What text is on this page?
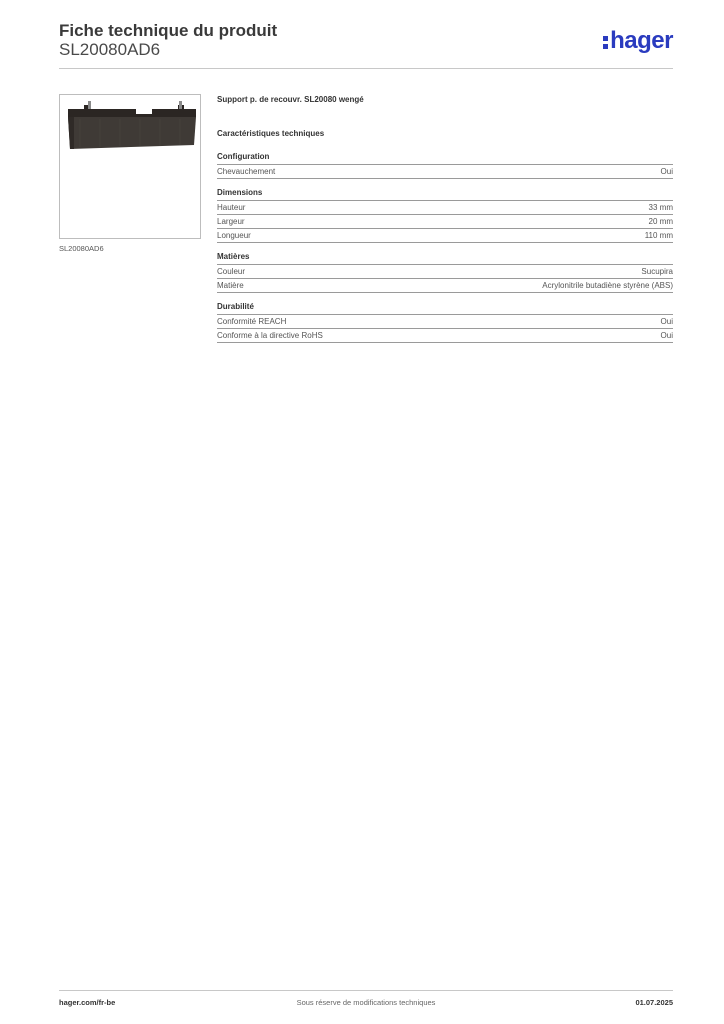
Fiche technique du produit
SL20080AD6	hager
SL20080AD6
Support p. de recouvr. SL20080 wengé
Caractéristiques techniques
Configuration
Chevauchement	Oui
Dimensions
Hauteur	33 mm
Largeur	20 mm
Longueur	110 mm
Matières
Couleur	Sucupira
Matière	Acrylonitrile butadiène styrène (ABS)
Durabilité
Conformité REACH	Oui
Conforme à la directive RoHS	Oui
hager.com/fr-be	Sous réserve de modifications techniques	01.07.2025
